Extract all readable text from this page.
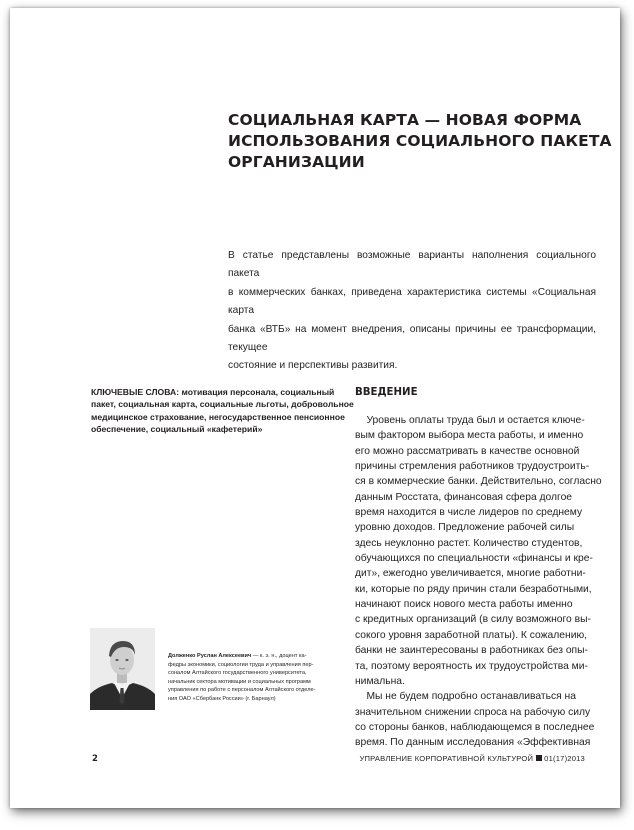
СОЦИАЛЬНАЯ КАРТА — НОВАЯ ФОРМА
ИСПОЛЬЗОВАНИЯ СОЦИАЛЬНОГО ПАКЕТА
ОРГАНИЗАЦИИ
В статье представлены возможные варианты наполнения социального пакета
в коммерческих банках, приведена характеристика системы «Социальная карта
банка «ВТБ» на момент внедрения, описаны причины ее трансформации, текущее
состояние и перспективы развития.
КЛЮЧЕВЫЕ СЛОВА: мотивация персонала, социальный
пакет, социальная карта, социальные льготы, добровольное
медицинское страхование, негосударственное пенсионное
обеспечение, социальный «кафетерий»
ВВЕДЕНИЕ
Уровень оплаты труда был и остается ключе-
вым фактором выбора места работы, и именно
его можно рассматривать в качестве основной
причины стремления работников трудоустроить-
ся в коммерческие банки. Действительно, согласно
данным Росстата, финансовая сфера долгое
время находится в числе лидеров по среднему
уровню доходов. Предложение рабочей силы
здесь неуклонно растет. Количество студентов,
обучающихся по специальности «финансы и кре-
дит», ежегодно увеличивается, многие работни-
ки, которые по ряду причин стали безработными,
начинают поиск нового места работы именно
с кредитных организаций (в силу возможного вы-
сокого уровня заработной платы). К сожалению,
банки не заинтересованы в работниках без опы-
та, поэтому вероятность их трудоустройства ми-
нимальна.
Мы не будем подробно останавливаться на
значительном снижении спроса на рабочую силу
со стороны банков, наблюдающемся в последнее
время. По данным исследования «Эффективная
Долженко Руслан Алексеевич — к. э. н., доцент ка-
федры экономики, социологии труда и управления пер-
соналом Алтайского государственного университета,
начальник сектора мотивации и социальных программ
управления по работе с персоналом Алтайского отделе-
ния ОАО «Сбербанк России» (г. Барнаул)
2	УПРАВЛЕНИЕ КОРПОРАТИВНОЙ КУЛЬТУРОЙ 01(17)2013
